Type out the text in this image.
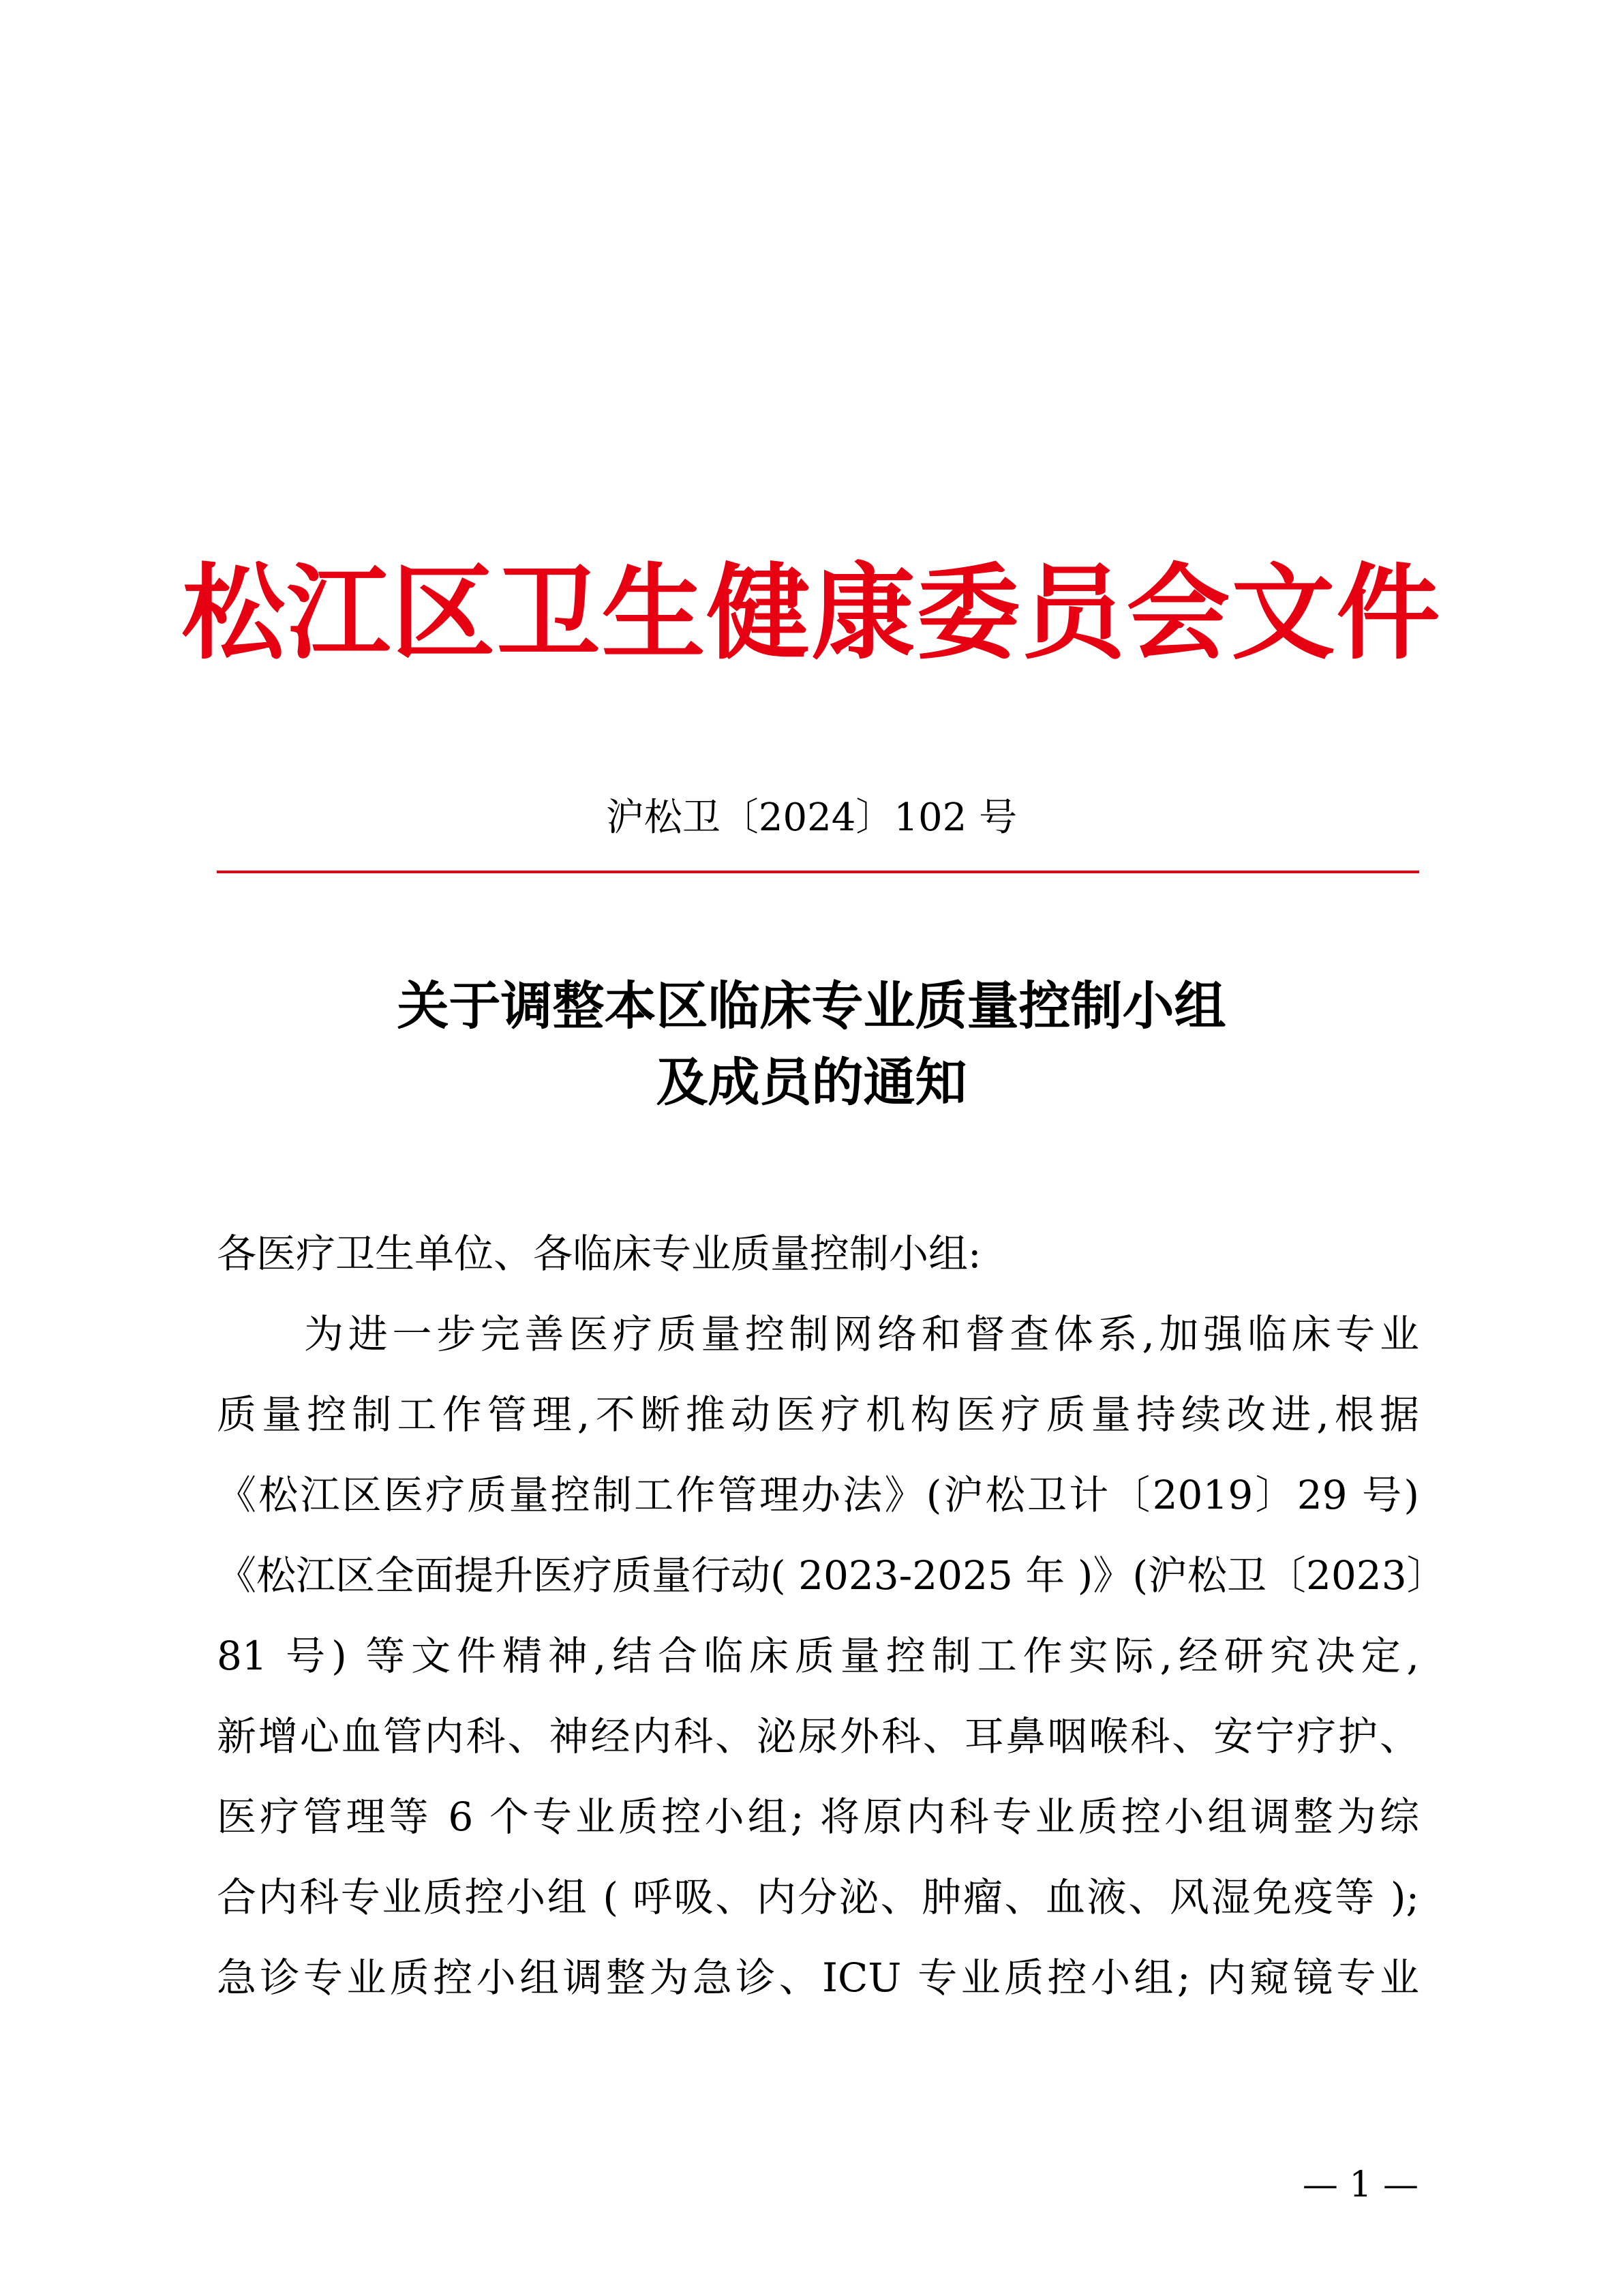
松江区卫生健康委员会文件
沪松卫〔2024〕102 号
关于调整本区临床专业质量控制小组
及成员的通知
各医疗卫生单位、各临床专业质量控制小组:
为进一步完善医疗质量控制网络和督查体系,加强临床专业
质量控制工作管理,不断推动医疗机构医疗质量持续改进,根据
《松江区医疗质量控制工作管理办法》(沪松卫计〔2019〕29 号)
《松江区全面提升医疗质量行动( 2023-2025 年 )》(沪松卫〔2023〕
81 号) 等文件精神,结合临床质量控制工作实际,经研究决定,
新增心血管内科、神经内科、泌尿外科、耳鼻咽喉科、安宁疗护、
医疗管理等 6 个专业质控小组; 将原内科专业质控小组调整为综
合内科专业质控小组 ( 呼吸、内分泌、肿瘤、血液、风湿免疫等 );
急诊专业质控小组调整为急诊、ICU 专业质控小组; 内窥镜专业
— 1 —
